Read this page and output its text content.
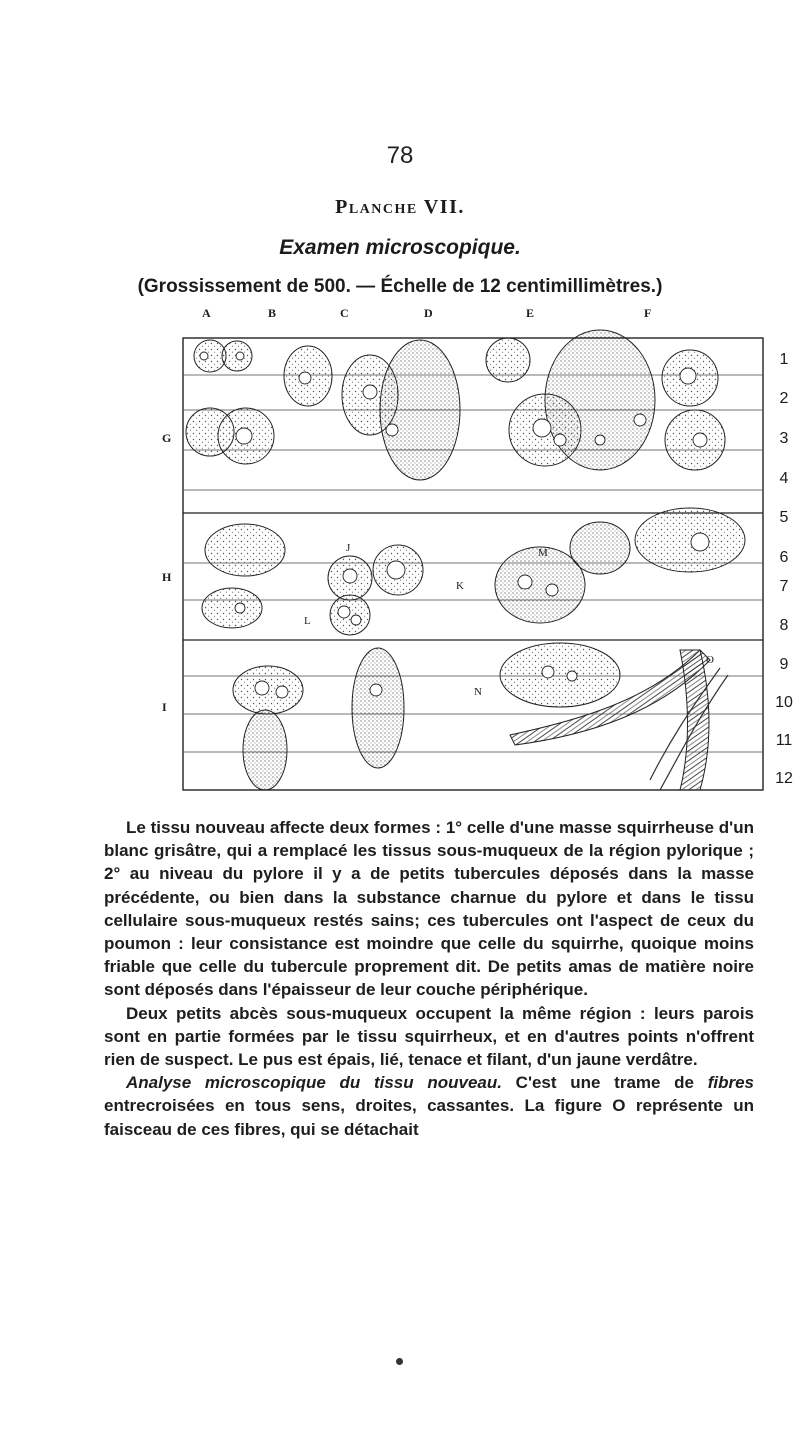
78
Planche VII.
Examen microscopique.
(Grossissement de 500. — Échelle de 12 centimillimètres.)
A	B	C	D	E	F
G
H
I
1
2
3
4
5
6
7
8
9
10
11
12
J
K
L
M
N
O

Le tissu nouveau affecte deux formes : 1° celle d'une masse squirrheuse d'un blanc grisâtre, qui a remplacé les tissus sous-muqueux de la région pylorique ; 2° au niveau du pylore il y a de petits tubercules déposés dans la masse précédente, ou bien dans la substance charnue du pylore et dans le tissu cellulaire sous-muqueux restés sains; ces tubercules ont l'aspect de ceux du poumon : leur consistance est moindre que celle du squirrhe, quoique moins friable que celle du tubercule proprement dit. De petits amas de matière noire sont déposés dans l'épaisseur de leur couche périphérique.

Deux petits abcès sous-muqueux occupent la même région : leurs parois sont en partie formées par le tissu squirrheux, et en d'autres points n'offrent rien de suspect. Le pus est épais, lié, tenace et filant, d'un jaune verdâtre.

Analyse microscopique du tissu nouveau. C'est une trame de fibres entrecroisées en tous sens, droites, cassantes. La figure O représente un faisceau de ces fibres, qui se détachait
